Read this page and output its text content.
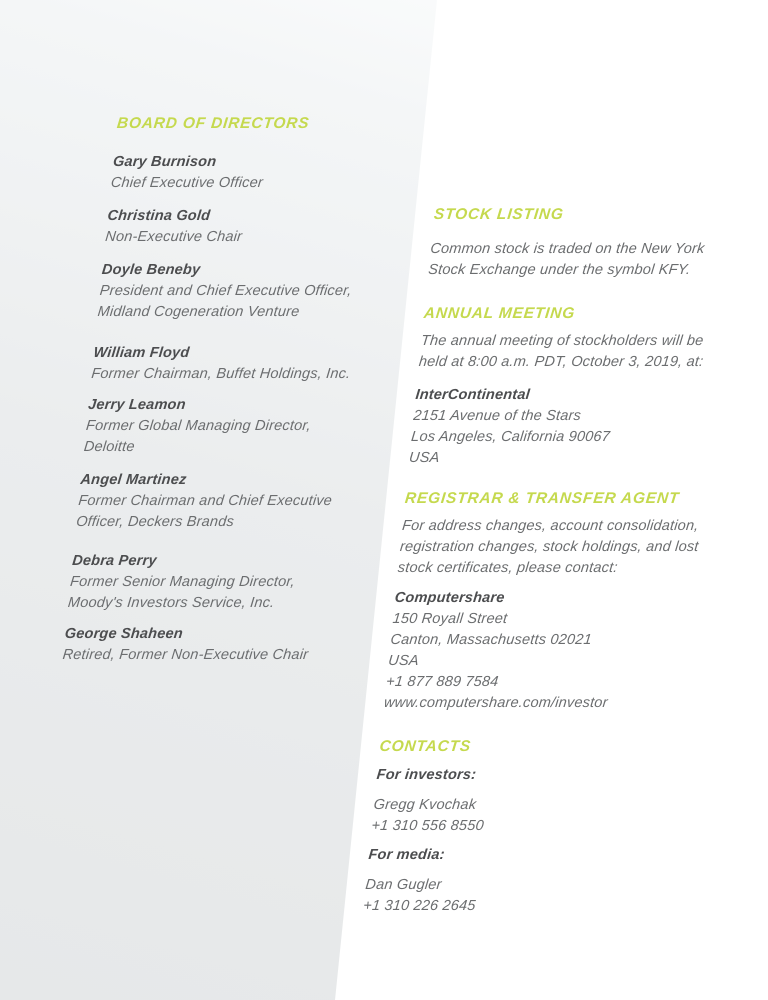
BOARD OF DIRECTORS
Gary Burnison
Chief Executive Officer
Christina Gold
Non-Executive Chair
Doyle Beneby
President and Chief Executive Officer,
Midland Cogeneration Venture
William Floyd
Former Chairman, Buffet Holdings, Inc.
Jerry Leamon
Former Global Managing Director,
Deloitte
Angel Martinez
Former Chairman and Chief Executive
Officer, Deckers Brands
Debra Perry
Former Senior Managing Director,
Moody's Investors Service, Inc.
George Shaheen
Retired, Former Non-Executive Chair
STOCK LISTING
Common stock is traded on the New York
Stock Exchange under the symbol KFY.
ANNUAL MEETING
The annual meeting of stockholders will be
held at 8:00 a.m. PDT, October 3, 2019, at:
InterContinental
2151 Avenue of the Stars
Los Angeles, California 90067
USA
REGISTRAR & TRANSFER AGENT
For address changes, account consolidation,
registration changes, stock holdings, and lost
stock certificates, please contact:
Computershare
150 Royall Street
Canton, Massachusetts 02021
USA
+1 877 889 7584
www.computershare.com/investor
CONTACTS
For investors:
Gregg Kvochak
+1 310 556 8550
For media:
Dan Gugler
+1 310 226 2645
